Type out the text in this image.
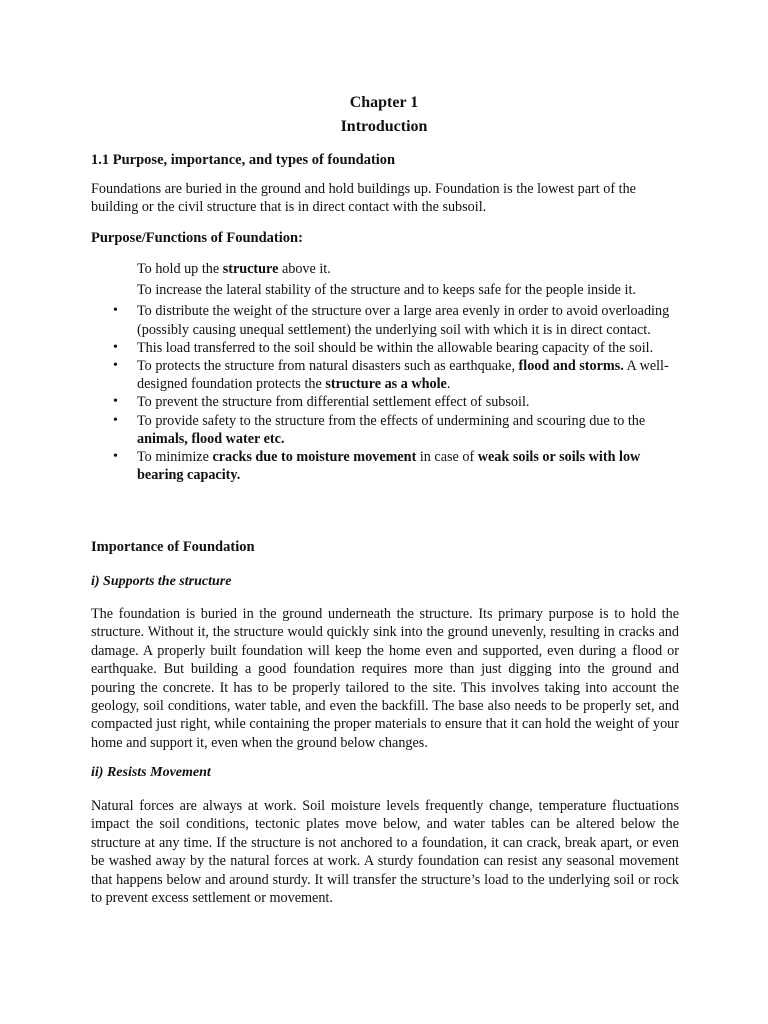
Chapter 1
Introduction
1.1 Purpose, importance, and types of foundation

Foundations are buried in the ground and hold buildings up. Foundation is the lowest part of the building or the civil structure that is in direct contact with the subsoil.

Purpose/Functions of Foundation:
To hold up the structure above it.
To increase the lateral stability of the structure and to keeps safe for the people inside it.
• To distribute the weight of the structure over a large area evenly in order to avoid overloading (possibly causing unequal settlement) the underlying soil with which it is in direct contact.
• This load transferred to the soil should be within the allowable bearing capacity of the soil.
• To protects the structure from natural disasters such as earthquake, flood and storms. A well-designed foundation protects the structure as a whole.
• To prevent the structure from differential settlement effect of subsoil.
• To provide safety to the structure from the effects of undermining and scouring due to the animals, flood water etc.
• To minimize cracks due to moisture movement in case of weak soils or soils with low bearing capacity.
Importance of Foundation
i) Supports the structure

The foundation is buried in the ground underneath the structure. Its primary purpose is to hold the structure. Without it, the structure would quickly sink into the ground unevenly, resulting in cracks and damage. A properly built foundation will keep the home even and supported, even during a flood or earthquake. But building a good foundation requires more than just digging into the ground and pouring the concrete. It has to be properly tailored to the site. This involves taking into account the geology, soil conditions, water table, and even the backfill. The base also needs to be properly set, and compacted just right, while containing the proper materials to ensure that it can hold the weight of your home and support it, even when the ground below changes.

ii) Resists Movement

Natural forces are always at work. Soil moisture levels frequently change, temperature fluctuations impact the soil conditions, tectonic plates move below, and water tables can be altered below the structure at any time. If the structure is not anchored to a foundation, it can crack, break apart, or even be washed away by the natural forces at work. A sturdy foundation can resist any seasonal movement that happens below and around sturdy. It will transfer the structure’s load to the underlying soil or rock to prevent excess settlement or movement.
